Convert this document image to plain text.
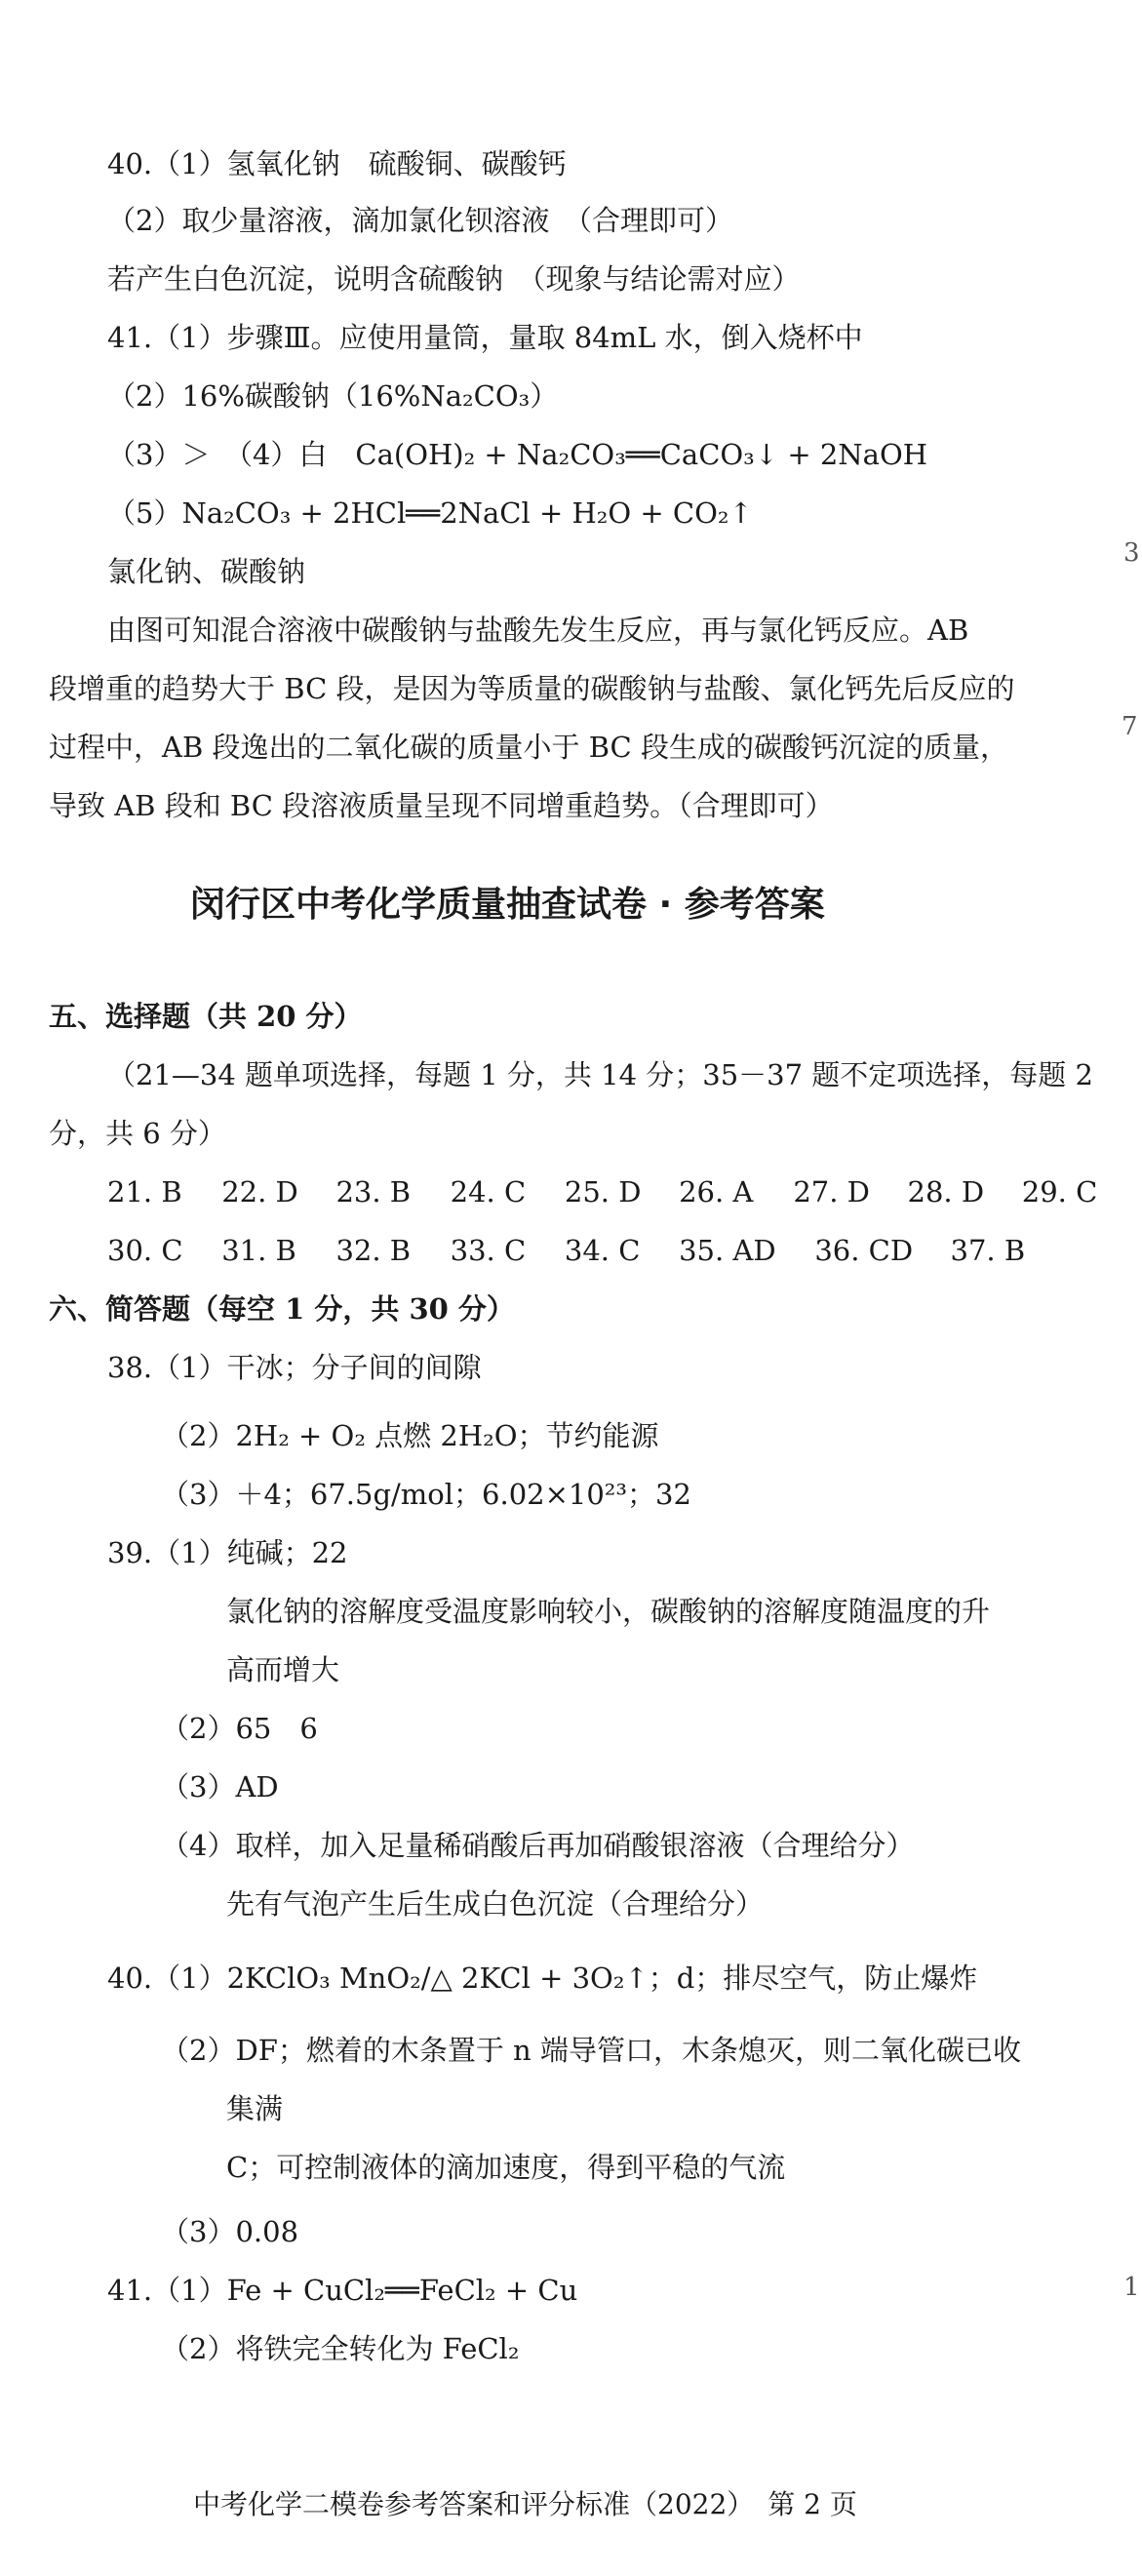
40.（1）氢氧化钠　硫酸铜、碳酸钙
（2）取少量溶液，滴加氯化钡溶液　（合理即可）
若产生白色沉淀，说明含硫酸钠　（现象与结论需对应）
41.（1）步骤Ⅲ。应使用量筒，量取 84mL 水，倒入烧杯中
（2）16%碳酸钠（16%Na₂CO₃）
（3）＞　（4）白　Ca(OH)₂ + Na₂CO₃══CaCO₃↓ + 2NaOH
（5）Na₂CO₃ + 2HCl══2NaCl + H₂O + CO₂↑
氯化钠、碳酸钠
由图可知混合溶液中碳酸钠与盐酸先发生反应，再与氯化钙反应。AB
段增重的趋势大于 BC 段，是因为等质量的碳酸钠与盐酸、氯化钙先后反应的
过程中，AB 段逸出的二氧化碳的质量小于 BC 段生成的碳酸钙沉淀的质量，
导致 AB 段和 BC 段溶液质量呈现不同增重趋势。（合理即可）
闵行区中考化学质量抽查试卷 · 参考答案
五、选择题（共 20 分）
（21—34 题单项选择，每题 1 分，共 14 分；35－37 题不定项选择，每题 2
分，共 6 分）
21. B 22. D 23. B 24. C 25. D 26. A 27. D 28. D 29. C
30. C 31. B 32. B 33. C 34. C 35. AD 36. CD 37. B
六、简答题（每空 1 分，共 30 分）
38.（1）干冰；分子间的间隙
（2）2H₂ + O₂ 点燃 2H₂O；节约能源
（3）＋4；67.5g/mol；6.02×10²³；32
39.（1）纯碱；22
氯化钠的溶解度受温度影响较小，碳酸钠的溶解度随温度的升
高而增大
（2）65　6
（3）AD
（4）取样，加入足量稀硝酸后再加硝酸银溶液（合理给分）
先有气泡产生后生成白色沉淀（合理给分）
40.（1）2KClO₃ MnO₂/△ 2KCl + 3O₂↑；d；排尽空气，防止爆炸
（2）DF；燃着的木条置于 n 端导管口，木条熄灭，则二氧化碳已收
集满
C；可控制液体的滴加速度，得到平稳的气流
（3）0.08
41.（1）Fe + CuCl₂══FeCl₂ + Cu
（2）将铁完全转化为 FeCl₂
中考化学二模卷参考答案和评分标准（2022）　第 2 页
3
7
1
